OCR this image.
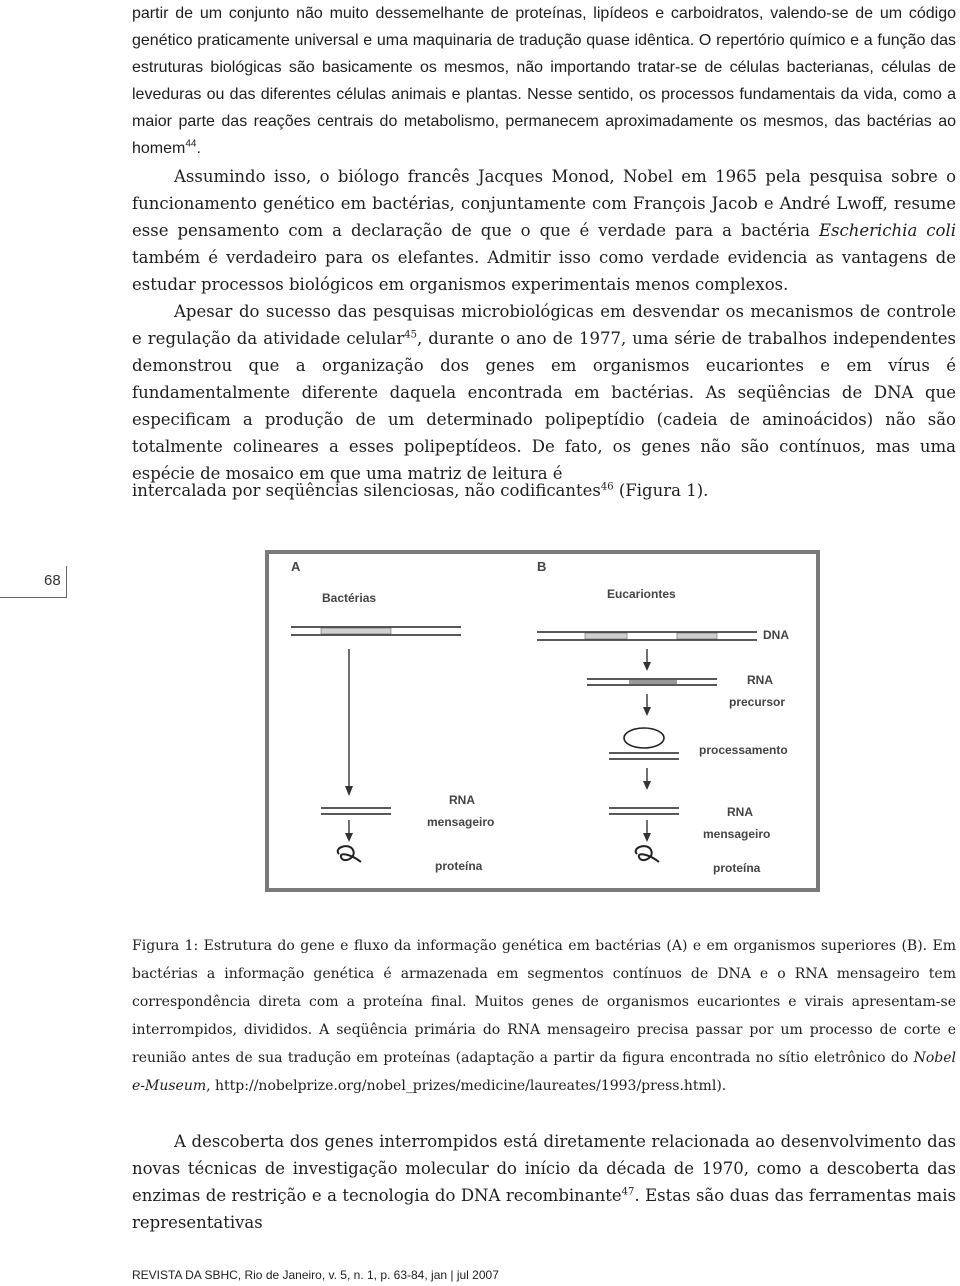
partir de um conjunto não muito dessemelhante de proteínas, lipídeos e carboidratos, valendo-se de um código genético praticamente universal e uma maquinaria de tradução quase idêntica. O repertório químico e a função das estruturas biológicas são basicamente os mesmos, não importando tratar-se de células bacterianas, células de leveduras ou das diferentes células animais e plantas. Nesse sentido, os processos fundamentais da vida, como a maior parte das reações centrais do metabolismo, permanecem aproximadamente os mesmos, das bactérias ao homem$^{44}$.

Assumindo isso, o biólogo francês Jacques Monod, Nobel em 1965 pela pesquisa sobre o funcionamento genético em bactérias, conjuntamente com François Jacob e André Lwoff, resume esse pensamento com a declaração de que o que é verdade para a bactéria Escherichia coli também é verdadeiro para os elefantes. Admitir isso como verdade evidencia as vantagens de estudar processos biológicos em organismos experimentais menos complexos.

Apesar do sucesso das pesquisas microbiológicas em desvendar os mecanismos de controle e regulação da atividade celular$^{45}$, durante o ano de 1977, uma série de trabalhos independentes demonstrou que a organização dos genes em organismos eucariontes e em vírus é fundamentalmente diferente daquela encontrada em bactérias. As seqüências de DNA que especificam a produção de um determinado polipeptídio (cadeia de aminoácidos) não são totalmente colineares a esses polipeptídeos. De fato, os genes não são contínuos, mas uma espécie de mosaico em que uma matriz de leitura é

intercalada por seqüências silenciosas, não codificantes$^{46}$ (Figura 1).

68
A	B
Bactérias	Eucariontes
RNA
mensageiro
proteína
DNA
RNA
precursor
processamento
RNA
mensageiro
proteína

Figura 1: Estrutura do gene e fluxo da informação genética em bactérias (A) e em organismos superiores (B). Em bactérias a informação genética é armazenada em segmentos contínuos de DNA e o RNA mensageiro tem correspondência direta com a proteína final. Muitos genes de organismos eucariontes e virais apresentam-se interrompidos, divididos. A seqüência primária do RNA mensageiro precisa passar por um processo de corte e reunião antes de sua tradução em proteínas (adaptação a partir da figura encontrada no sítio eletrônico do Nobel e-Museum, http://nobelprize.org/nobel_prizes/medicine/laureates/1993/press.html).

A descoberta dos genes interrompidos está diretamente relacionada ao desenvolvimento das novas técnicas de investigação molecular do início da década de 1970, como a descoberta das enzimas de restrição e a tecnologia do DNA recombinante$^{47}$. Estas são duas das ferramentas mais representativas

REVISTA DA SBHC, Rio de Janeiro, v. 5, n. 1, p. 63-84, jan | jul 2007
